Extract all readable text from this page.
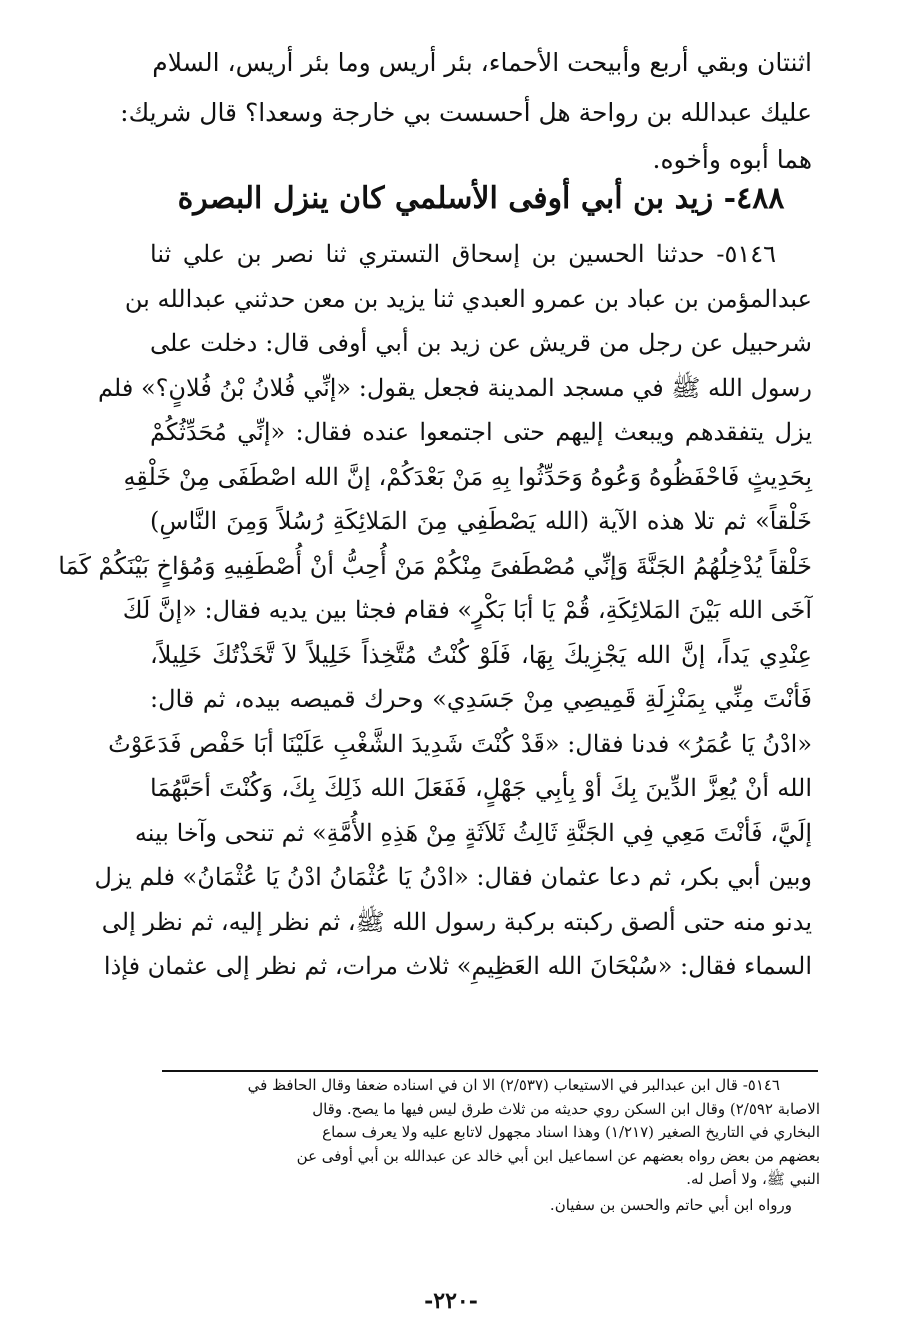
اثنتان وبقي أربع وأبيحت الأحماء، بئر أريس وما بئر أريس، السلام
عليك عبدالله بن رواحة هل أحسست بي خارجة وسعدا؟ قال شريك:
هما أبوه وأخوه.
٤٨٨- زيد بن أبي أوفى الأسلمي كان ينزل البصرة
٥١٤٦- حدثنا الحسين بن إسحاق التستري ثنا نصر بن علي ثنا
عبدالمؤمن بن عباد بن عمرو العبدي ثنا يزيد بن معن حدثني عبدالله بن
شرحبيل عن رجل من قريش عن زيد بن أبي أوفى قال: دخلت على
رسول الله ﷺ في مسجد المدينة فجعل يقول: «إنِّي فُلانُ بْنُ فُلانٍ؟» فلم
يزل يتفقدهم ويبعث إليهم حتى اجتمعوا عنده فقال: «إنِّي مُحَدِّثُكُمْ
بِحَدِيثٍ فَاحْفَظُوهُ وَعُوهُ وَحَدِّثُوا بِهِ مَنْ بَعْدَكُمْ، إنَّ الله اصْطَفَى مِنْ خَلْقِهِ
خَلْقاً» ثم تلا هذه الآية (الله يَصْطَفِي مِنَ المَلائِكَةِ رُسُلاً وَمِنَ النَّاسِ)
خَلْقاً يُدْخِلُهُمُ الجَنَّةَ وَإنِّي مُصْطَفىً مِنْكُمْ مَنْ أُحِبُّ أنْ أُصْطَفِيهِ وَمُؤاخٍ بَيْنَكُمْ كَمَا
آخَى الله بَيْنَ المَلائِكَةِ، قُمْ يَا أبَا بَكْرٍ» فقام فجثا بين يديه فقال: «إنَّ لَكَ
عِنْدِي يَداً، إنَّ الله يَجْزِيكَ بِهَا، فَلَوْ كُنْتُ مُتَّخِذاً خَلِيلاً لاَ تَّخَذْتُكَ خَلِيلاً،
فَأنْتَ مِنِّي بِمَنْزِلَةِ قَمِيصِي مِنْ جَسَدِي» وحرك قميصه بيده، ثم قال:
«ادْنُ يَا عُمَرُ» فدنا فقال: «قَدْ كُنْتَ شَدِيدَ الشَّغْبِ عَلَيْنَا أبَا حَفْص فَدَعَوْتُ
الله أنْ يُعِزَّ الدِّينَ بِكَ أوْ بِأبِي جَهْلٍ، فَفَعَلَ الله ذَلِكَ بِكَ، وَكُنْتَ أحَبَّهُمَا
إلَيَّ، فَأنْتَ مَعِي فِي الجَنَّةِ ثَالِثُ ثَلاَثَةٍ مِنْ هَذِهِ الأُمَّةِ» ثم تنحى وآخا بينه
وبين أبي بكر، ثم دعا عثمان فقال: «ادْنُ يَا عُثْمَانُ ادْنُ يَا عُثْمَانُ» فلم يزل
يدنو منه حتى ألصق ركبته بركبة رسول الله ﷺ، ثم نظر إليه، ثم نظر إلى
السماء فقال: «سُبْحَانَ الله العَظِيمِ» ثلاث مرات، ثم نظر إلى عثمان فإذا
٥١٤٦- قال ابن عبدالبر في الاستيعاب (٢/٥٣٧) الا ان في اسناده ضعفا وقال الحافظ في
الاصابة ٢/٥٩٢) وقال ابن السكن روي حديثه من ثلاث طرق ليس فيها ما يصح. وقال
البخاري في التاريخ الصغير (١/٢١٧) وهذا اسناد مجهول لاتابع عليه ولا يعرف سماع
بعضهم من بعض رواه بعضهم عن اسماعيل ابن أبي خالد عن عبدالله بن أبي أوفى عن
النبي ﷺ، ولا أصل له.
ورواه ابن أبي حاتم والحسن بن سفيان.
-٢٢٠-
